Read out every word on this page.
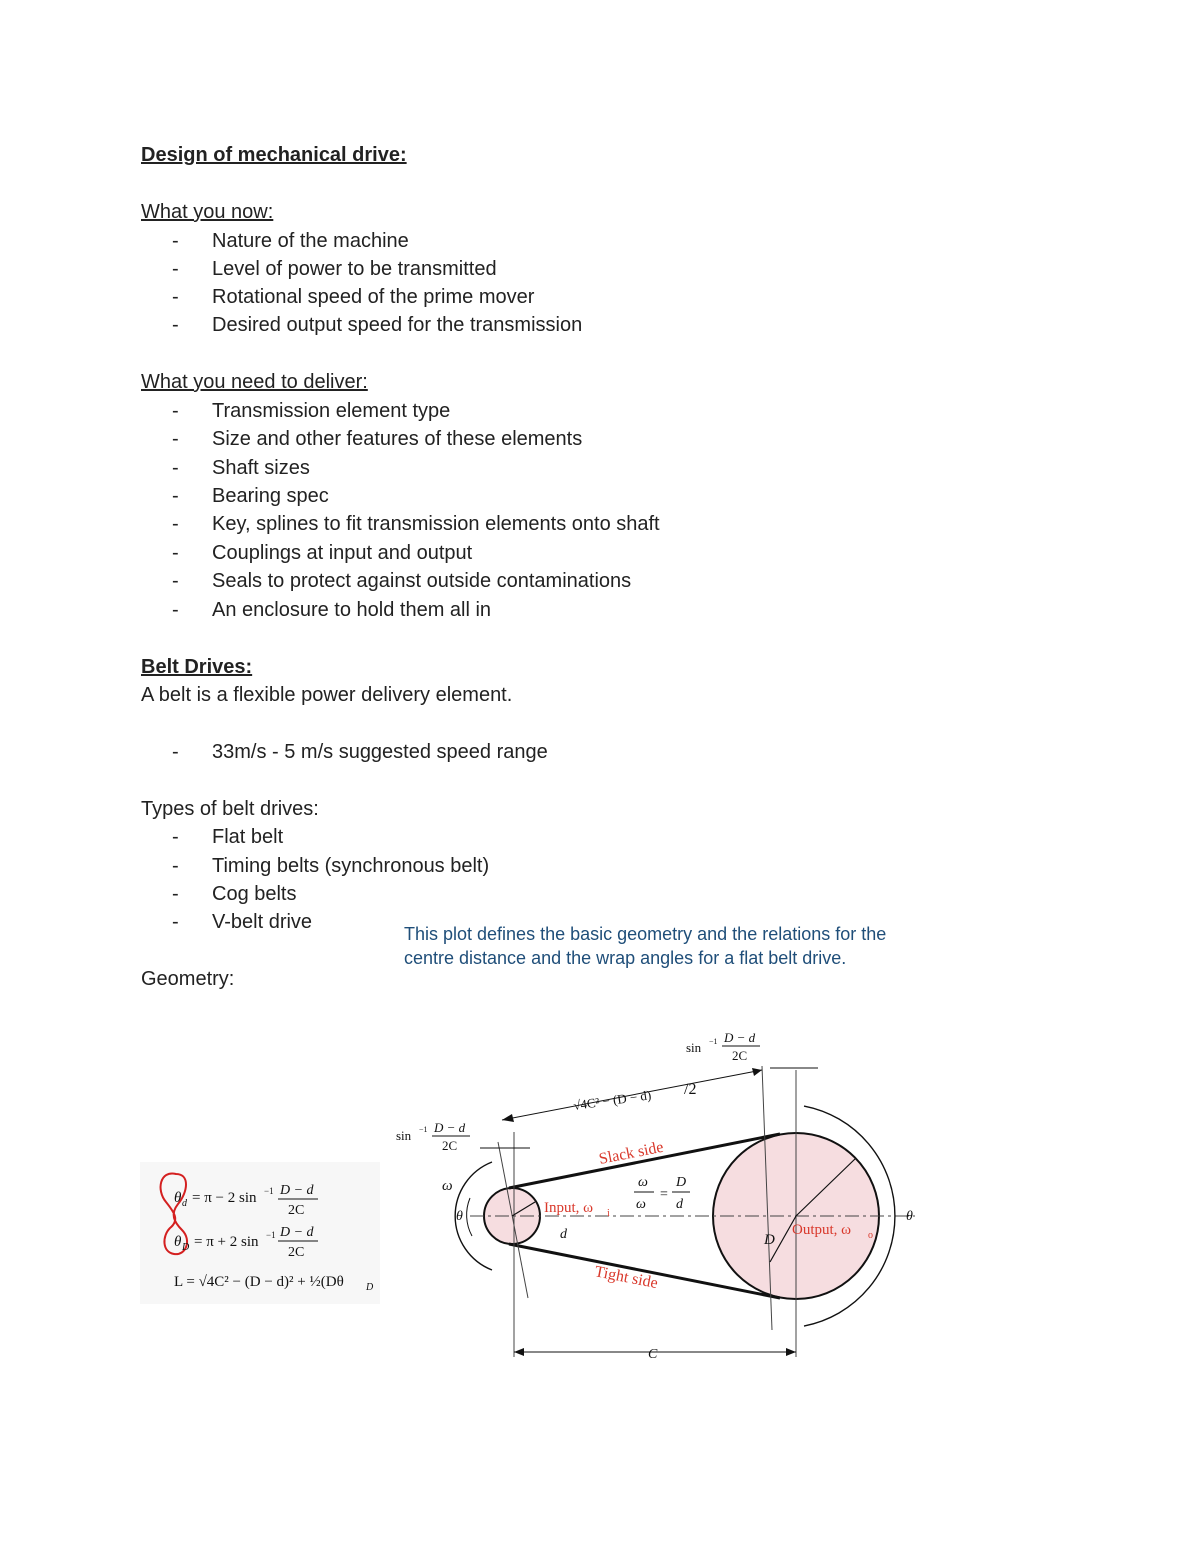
Design of mechanical drive:
What you now:
- Nature of the machine
- Level of power to be transmitted
- Rotational speed of the prime mover
- Desired output speed for the transmission
What you need to deliver:
- Transmission element type
- Size and other features of these elements
- Shaft sizes
- Bearing spec
- Key, splines to fit transmission elements onto shaft
- Couplings at input and output
- Seals to protect against outside contaminations
- An enclosure to hold them all in
Belt Drives:
A belt is a flexible power delivery element.
- 33m/s - 5 m/s suggested speed range
Types of belt drives:
- Flat belt
- Timing belts (synchronous belt)
- Cog belts
- V-belt drive
Geometry:
This plot defines the basic geometry and the relations for the
centre distance and the wrap angles for a flat belt drive.
θ d = π − 2 sin −1 D − d
2C
θ D = π + 2 sin −1 D − d
2C
L = √4C² − (D − d)² + ½(Dθ D
Slack side
Tight side
Input, ω i
Output, ω o
ω
ω
=
D
d
d	D
C
ω
θ	θ
sin −1 D − d
2C
sin −1 D − d
2C
√4C² − (D − d) /2
